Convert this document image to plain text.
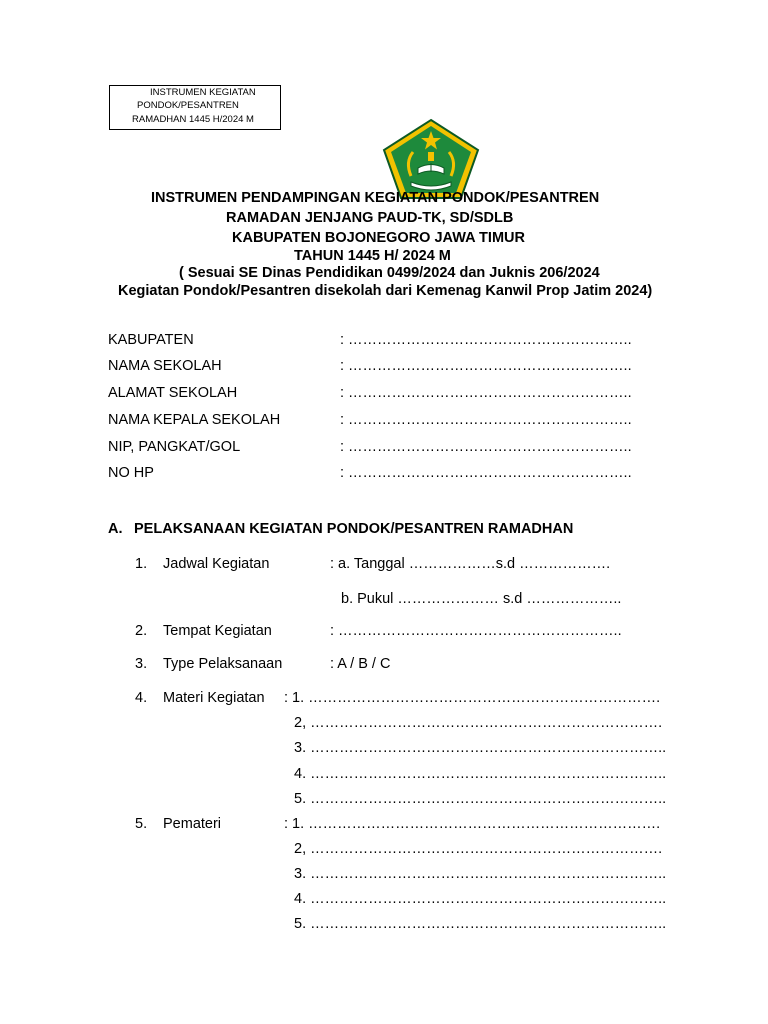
INSTRUMEN KEGIATAN
PONDOK/PESANTREN
RAMADHAN 1445 H/2024 M
INSTRUMEN PENDAMPINGAN KEGIATAN PONDOK/PESANTREN
RAMADAN JENJANG PAUD-TK, SD/SDLB
KABUPATEN BOJONEGORO JAWA TIMUR
TAHUN 1445 H/ 2024 M
( Sesuai SE Dinas Pendidikan 0499/2024 dan Juknis 206/2024
Kegiatan Pondok/Pesantren disekolah dari Kemenag Kanwil Prop Jatim 2024)
KABUPATEN	: …………………………………………………..
NAMA SEKOLAH	: …………………………………………………..
ALAMAT SEKOLAH	: …………………………………………………..
NAMA KEPALA SEKOLAH	: …………………………………………………..
NIP, PANGKAT/GOL	: …………………………………………………..
NO HP	: …………………………………………………..
A. PELAKSANAAN KEGIATAN PONDOK/PESANTREN RAMADHAN
1. Jadwal Kegiatan	: a. Tanggal ………………s.d ……………….
b. Pukul ………………… s.d ………………..
2. Tempat Kegiatan	: …………………………………………………..
3. Type Pelaksanaan	: A / B / C
4. Materi Kegiatan : 1. ……………………………………………………………….
2, ……………………………………………………………….
3. ………………………………………………………………..
4. ………………………………………………………………..
5. ………………………………………………………………..
5. Pemateri	: 1. ……………………………………………………………….
2, ……………………………………………………………….
3. ………………………………………………………………..
4. ………………………………………………………………..
5. ………………………………………………………………..
